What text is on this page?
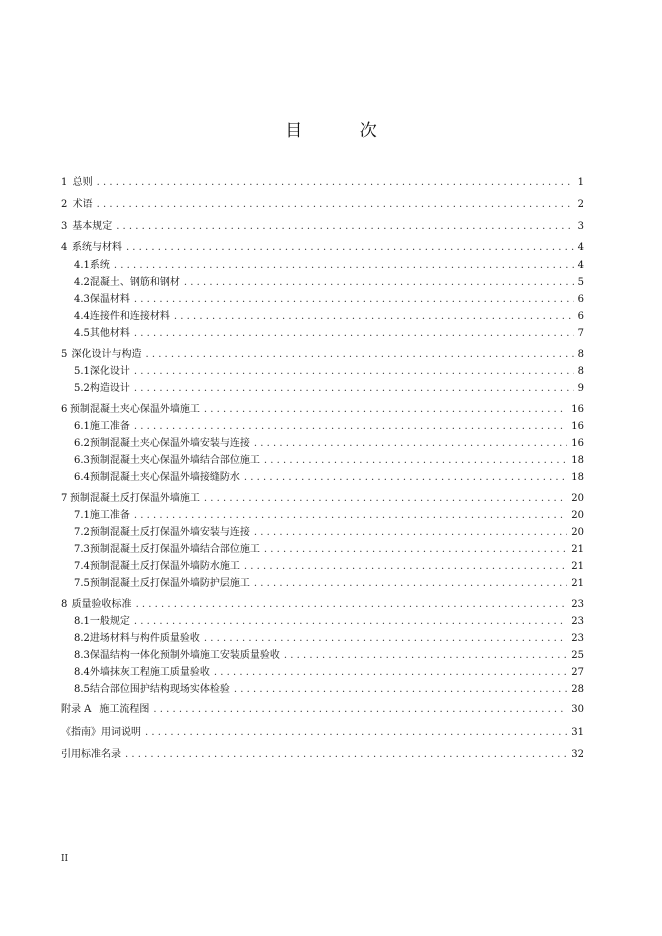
目 次
1 总则 . . .	1
2 术语 . . .	2
3 基本规定 . . .	3
4 系统与材料 . . .	4
4.1 系统 . . .	4
4.2 混凝土、钢筋和钢材 . . .	5
4.3 保温材料 . . .	6
4.4 连接件和连接材料 . . .	6
4.5 其他材料 . . .	7
5 深化设计与构造 . . .	8
5.1 深化设计 . . .	8
5.2 构造设计 . . .	9
6 预制混凝土夹心保温外墙施工 . . .	16
6.1 施工准备 . . .	16
6.2 预制混凝土夹心保温外墙安装与连接 . . .	16
6.3 预制混凝土夹心保温外墙结合部位施工 . . .	18
6.4 预制混凝土夹心保温外墙接缝防水 . . .	18
7 预制混凝土反打保温外墙施工 . . .	20
7.1 施工准备 . . .	20
7.2 预制混凝土反打保温外墙安装与连接 . . .	20
7.3 预制混凝土反打保温外墙结合部位施工 . . .	21
7.4 预制混凝土反打保温外墙防水施工 . . .	21
7.5 预制混凝土反打保温外墙防护层施工 . . .	21
8 质量验收标准 . . .	23
8.1 一般规定 . . .	23
8.2 进场材料与构件质量验收 . . .	23
8.3 保温结构一体化预制外墙施工安装质量验收 . . .	25
8.4 外墙抹灰工程施工质量验收 . . .	27
8.5 结合部位围护结构现场实体检验 . . .	28
附录 A 施工流程图 . . .	30
《指南》用词说明 . . .	31
引用标准名录 . . .	32
II
